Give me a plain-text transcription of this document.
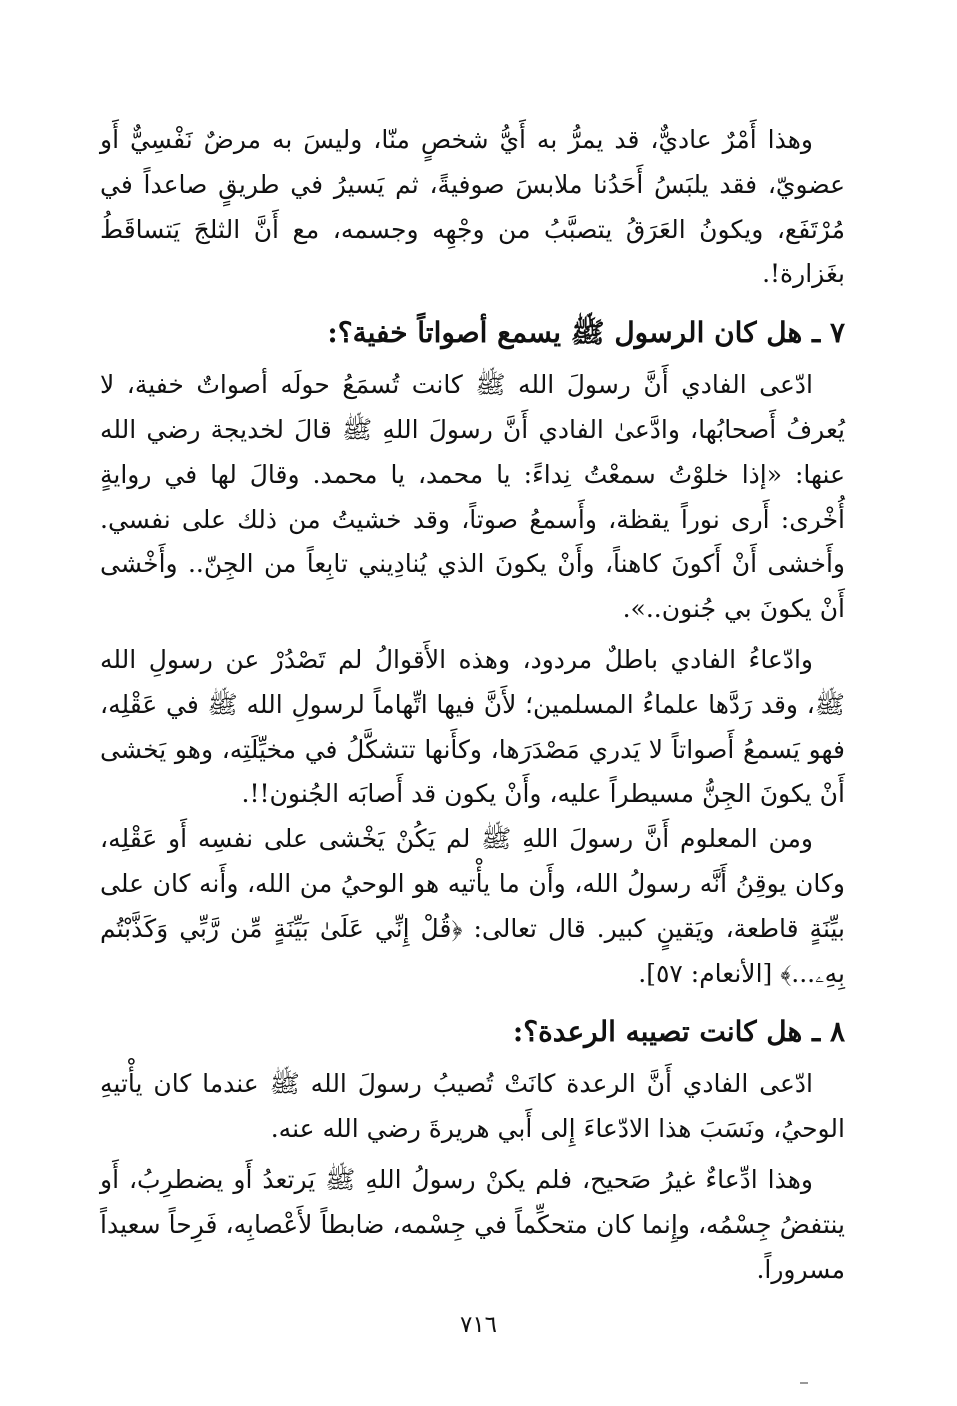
وهذا أَمْرٌ عاديٌّ، قد يمرُّ به أَيُّ شخصٍ منّا، وليسَ به مرضٌ نَفْسِيٌّ أَو عضويّ، فقد يلبَسُ أَحَدُنا ملابسَ صوفيةً، ثم يَسيرُ في طريقٍ صاعداً في مُرْتَفَع، ويكونُ العَرَقُ يتصبَّبُ من وجْهِه وجسمه، مع أَنَّ الثلجَ يَتساقَطُ بغَزارة!.

٧ ـ هل كان الرسول ﷺ يسمع أصواتاً خفية؟:

ادّعى الفادي أَنَّ رسولَ الله ﷺ كانت تُسمَعُ حولَه أصواتٌ خفية، لا يُعرفُ أَصحابُها، وادَّعىٰ الفادي أَنَّ رسولَ اللهِ ﷺ قالَ لخديجة رضي الله عنها: «إذا خلوْتُ سمعْتُ نِداءً: يا محمد، يا محمد. وقالَ لها في روايةٍ أُخْرى: أَرى نوراً يقظة، وأَسمعُ صوتاً، وقد خشيتُ من ذلك على نفسي. وأَخشى أَنْ أَكونَ كاهناً، وأَنْ يكونَ الذي يُنادِيني تابِعاً من الجِنّ.. وأَخْشى أَنْ يكونَ بي جُنون..».

وادّعاءُ الفادي باطلٌ مردود، وهذه الأَقوالُ لم تَصْدُرْ عن رسولِ الله ﷺ، وقد رَدَّها علماءُ المسلمين؛ لأَنَّ فيها اتِّهاماً لرسولِ الله ﷺ في عَقْلِه، فهو يَسمعُ أَصواتاً لا يَدري مَصْدَرَها، وكأَنها تتشكَّلُ في مخيِّلَتِه، وهو يَخشى أَنْ يكونَ الجِنُّ مسيطراً عليه، وأَنْ يكون قد أَصابَه الجُنون!!.

ومن المعلوم أَنَّ رسولَ اللهِ ﷺ لم يَكُنْ يَخْشى على نفسِه أَو عَقْلِه، وكان يوقِنُ أَنَّه رسولُ الله، وأَن ما يأْتيه هو الوحيُ من الله، وأَنه كان على بيِّنَةٍ قاطعة، ويَقينٍ كبير. قال تعالى: ﴿قُلْ إِنِّي عَلَىٰ بَيِّنَةٍ مِّن رَّبِّي وَكَذَّبْتُم بِهِۦ...﴾ [الأنعام: ٥٧].

٨ ـ هل كانت تصيبه الرعدة؟:

ادّعى الفادي أَنَّ الرعدة كانَتْ تُصيبُ رسولَ الله ﷺ عندما كان يأْتيهِ الوحيُ، ونَسَبَ هذا الادّعاءَ إِلى أَبي هريرةَ رضي الله عنه.

وهذا ادِّعاءٌ غيرُ صَحيح، فلم يكنْ رسولُ اللهِ ﷺ يَرتعدُ أَو يضطرِبُ، أَو ينتفضُ جِسْمُه، وإِنما كان متحكِّماً في جِسْمه، ضابطاً لأَعْصابِه، فَرِحاً سعيداً مسروراً.

٧١٦
